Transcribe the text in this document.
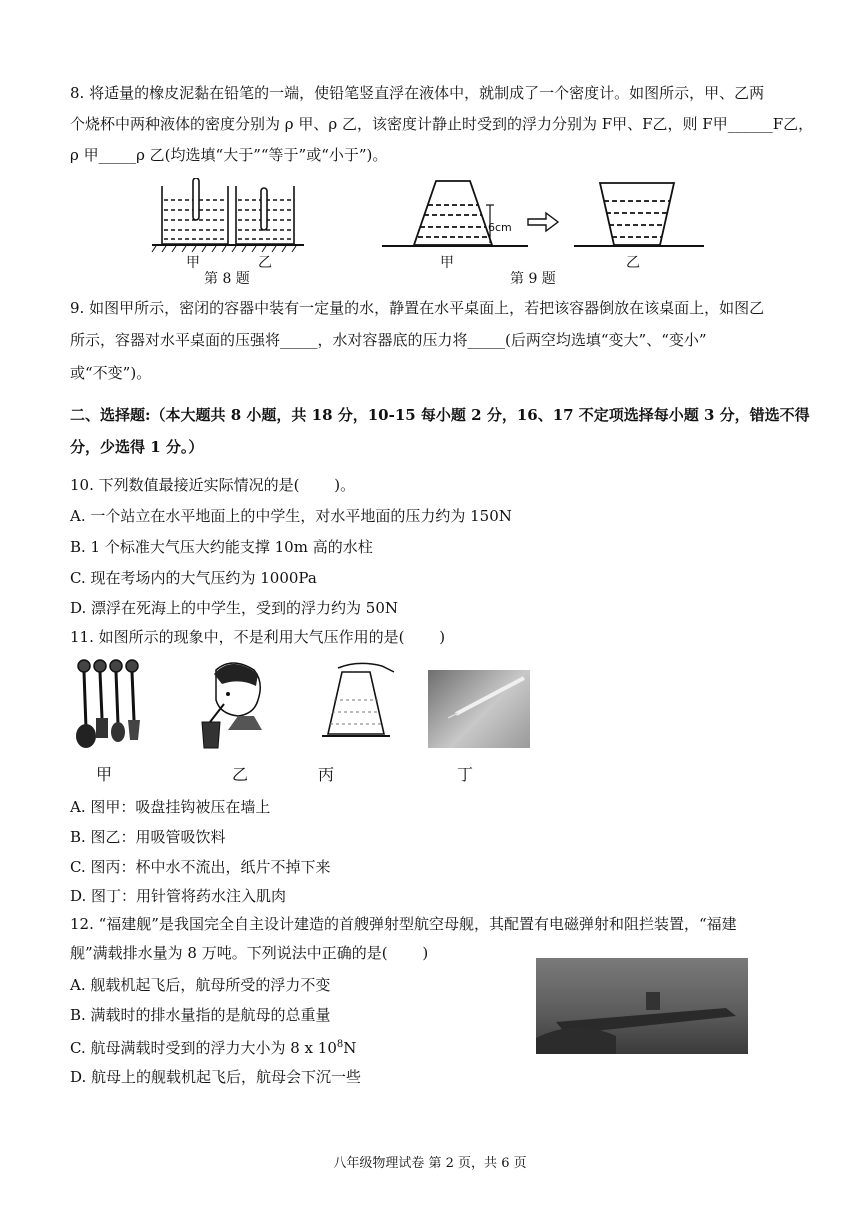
8. 将适量的橡皮泥黏在铅笔的一端，使铅笔竖直浮在液体中，就制成了一个密度计。如图所示，甲、乙两
个烧杯中两种液体的密度分别为 ρ 甲、ρ 乙，该密度计静止时受到的浮力分别为 F甲、F乙，则 F甲______F乙，
ρ 甲_____ρ 乙(均选填“大于”“等于”或“小于”)。
甲	乙
第 8 题
6cm
甲	乙
第 9 题
9. 如图甲所示，密闭的容器中装有一定量的水，静置在水平桌面上，若把该容器倒放在该桌面上，如图乙
所示，容器对水平桌面的压强将_____，水对容器底的压力将_____(后两空均选填“变大”、“变小”
或“不变”)。
二、选择题:（本大题共 8 小题，共 18 分，10-15 每小题 2 分，16、17 不定项选择每小题 3 分，错选不得
分，少选得 1 分。）
10. 下列数值最接近实际情况的是(　　 )。
A. 一个站立在水平地面上的中学生，对水平地面的压力约为 150N
B. 1 个标准大气压大约能支撑 10m 高的水柱
C. 现在考场内的大气压约为 1000Pa
D. 漂浮在死海上的中学生，受到的浮力约为 50N
11. 如图所示的现象中，不是利用大气压作用的是(　　 )
甲	乙	丙	丁
A. 图甲：吸盘挂钩被压在墙上
B. 图乙：用吸管吸饮料
C. 图丙：杯中水不流出，纸片不掉下来
D. 图丁：用针管将药水注入肌肉
12. “福建舰”是我国完全自主设计建造的首艘弹射型航空母舰，其配置有电磁弹射和阻拦装置，“福建
舰”满载排水量为 8 万吨。下列说法中正确的是(　　 )
A. 舰载机起飞后，航母所受的浮力不变
B. 满载时的排水量指的是航母的总重量
C. 航母满载时受到的浮力大小为 8 x $10^8N$
D. 航母上的舰载机起飞后，航母会下沉一些
八年级物理试卷 第 2 页，共 6 页
